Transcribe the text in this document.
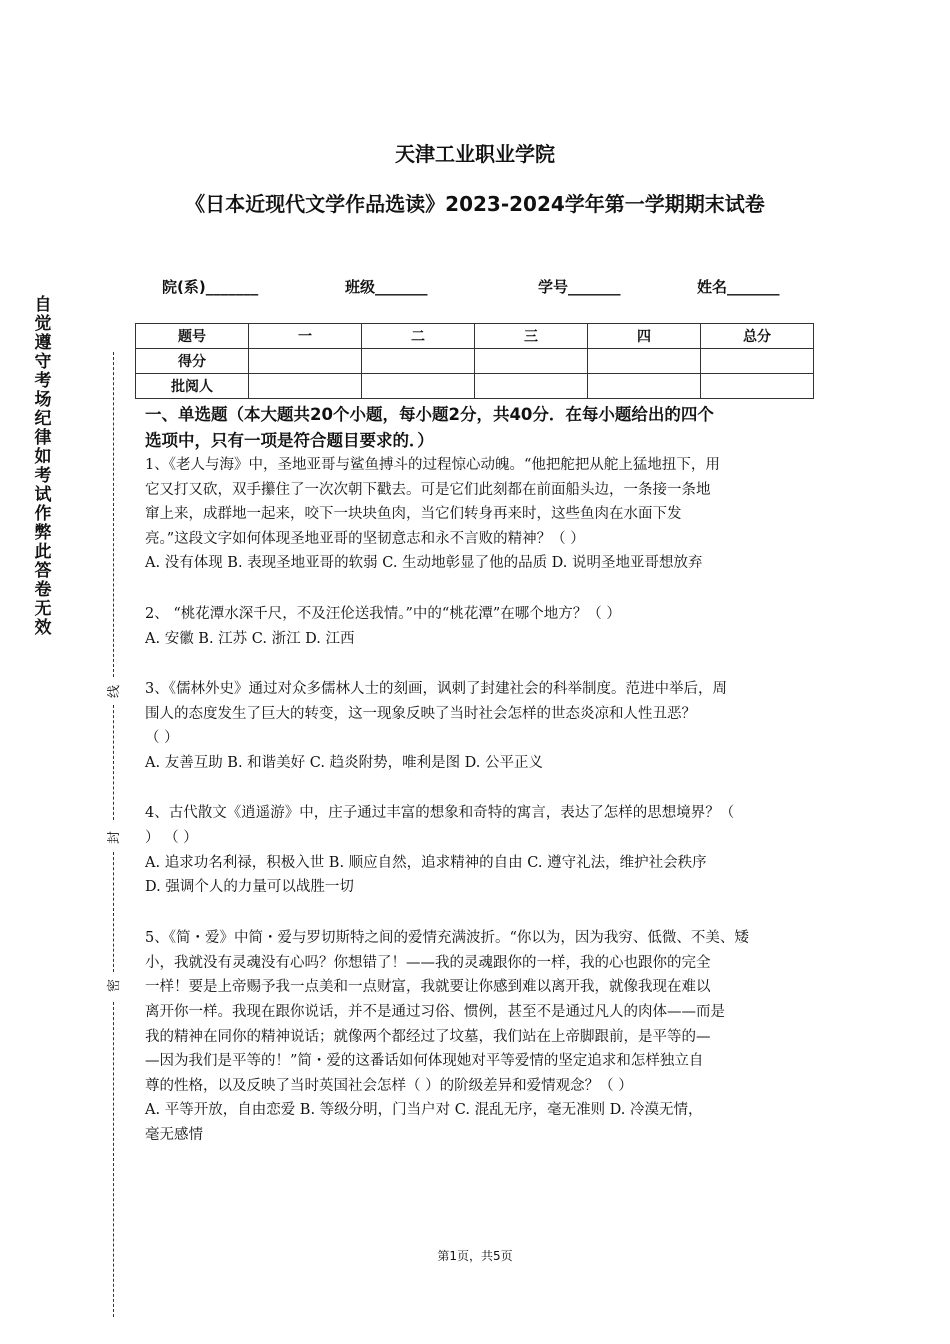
自觉遵守考场纪律如考试作弊此答卷无效
线
封
密
天津工业职业学院
《日本近现代文学作品选读》2023-2024学年第一学期期末试卷
院(系)_______	班级_______	学号_______	姓名_______
题号	一	二	三	四	总分
得分					
批阅人					
一、单选题（本大题共20个小题，每小题2分，共40分．在每小题给出的四个
选项中，只有一项是符合题目要求的．）
1、《老人与海》中，圣地亚哥与鲨鱼搏斗的过程惊心动魄。“他把舵把从舵上猛地扭下，用
它又打又砍，双手攥住了一次次朝下戳去。可是它们此刻都在前面船头边，一条接一条地
窜上来，成群地一起来，咬下一块块鱼肉，当它们转身再来时，这些鱼肉在水面下发
亮。”这段文字如何体现圣地亚哥的坚韧意志和永不言败的精神？（ ）
A. 没有体现 B. 表现圣地亚哥的软弱 C. 生动地彰显了他的品质 D. 说明圣地亚哥想放弃
2、 “桃花潭水深千尺，不及汪伦送我情。”中的“桃花潭”在哪个地方？（ ）
A. 安徽 B. 江苏 C. 浙江 D. 江西
3、《儒林外史》通过对众多儒林人士的刻画，讽刺了封建社会的科举制度。范进中举后，周
围人的态度发生了巨大的转变，这一现象反映了当时社会怎样的世态炎凉和人性丑恶？
（ ）
A. 友善互助 B. 和谐美好 C. 趋炎附势，唯利是图 D. 公平正义
4、古代散文《逍遥游》中，庄子通过丰富的想象和奇特的寓言，表达了怎样的思想境界？（
） （ ）
A. 追求功名利禄，积极入世 B. 顺应自然，追求精神的自由 C. 遵守礼法，维护社会秩序
D. 强调个人的力量可以战胜一切
5、《简・爱》中简・爱与罗切斯特之间的爱情充满波折。“你以为，因为我穷、低微、不美、矮
小，我就没有灵魂没有心吗？你想错了！——我的灵魂跟你的一样，我的心也跟你的完全
一样！要是上帝赐予我一点美和一点财富，我就要让你感到难以离开我，就像我现在难以
离开你一样。我现在跟你说话，并不是通过习俗、惯例，甚至不是通过凡人的肉体——而是
我的精神在同你的精神说话；就像两个都经过了坟墓，我们站在上帝脚跟前，是平等的—
—因为我们是平等的！”简・爱的这番话如何体现她对平等爱情的坚定追求和怎样独立自
尊的性格，以及反映了当时英国社会怎样（ ）的阶级差异和爱情观念？（ ）
A. 平等开放，自由恋爱 B. 等级分明，门当户对 C. 混乱无序，毫无准则 D. 冷漠无情，
毫无感情
第1页，共5页
